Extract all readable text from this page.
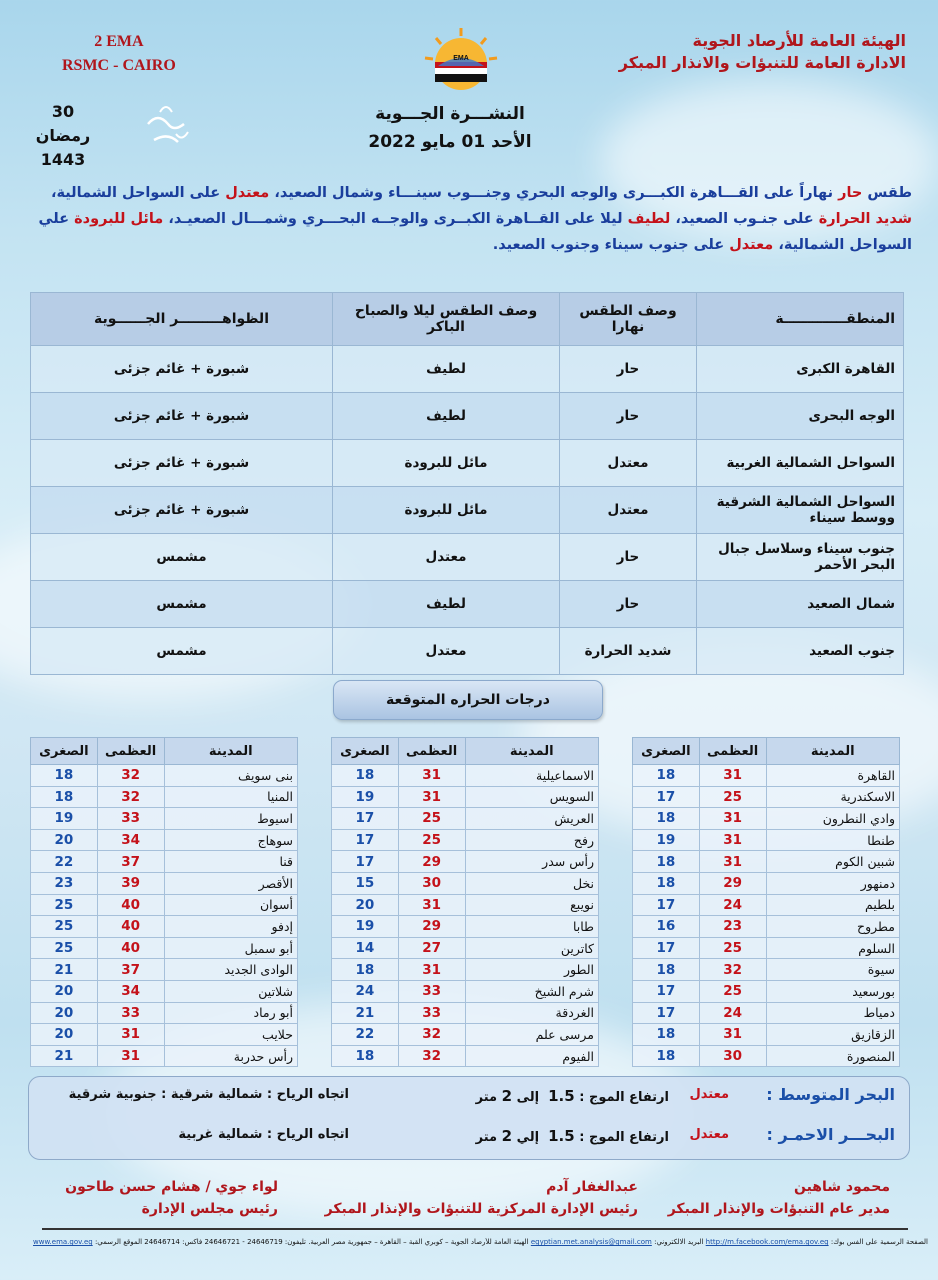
الهيئة العامة للأرصاد الجوية
الادارة العامة للتنبؤات والانذار المبكر
2 EMA
RSMC - CAIRO	EMA
30
رمضان
1443
النشـــرة الجـــوية
الأحد 01 مايو 2022
طقس حار نهاراً على القـــاهرة الكبـــرى والوجه البحري وجنـــوب سينـــاء وشمال الصعيد، معتدل على السواحل الشمالية، شديد الحرارة على جنـوب الصعيد، لطيف ليلا على القــاهرة الكبــرى والوجــه البحـــري وشمـــال الصعيـد، مائل للبرودة علي السواحل الشمالية، معتدل على جنوب سيناء وجنوب الصعيد.
المنطقـــــــــــــة	وصف الطقس نهارا	وصف الطقس ليلا والصباح الباكر	الظواهـــــــــر الجــــــوية
القاهرة الكبرى	حار	لطيف	شبورة + غائم جزئى
الوجه البحرى	حار	لطيف	شبورة + غائم جزئى
السواحل الشمالية الغربية	معتدل	مائل للبرودة	شبورة + غائم جزئى
السواحل الشمالية الشرقية ووسط سيناء	معتدل	مائل للبرودة	شبورة + غائم جزئى
جنوب سيناء وسلاسل جبال البحر الأحمر	حار	معتدل	مشمس
شمال الصعيد	حار	لطيف	مشمس
جنوب الصعيد	شديد الحرارة	معتدل	مشمس
درجات الحراره المتوقعة
المدينة	العظمى	الصغرى
القاهرة	31	18
الاسكندرية	25	17
وادي النطرون	31	18
طنطا	31	19
شبين الكوم	31	18
دمنهور	29	18
بلطيم	24	17
مطروح	23	16
السلوم	25	17
سيوة	32	18
بورسعيد	25	17
دمياط	24	17
الزقازيق	31	18
المنصورة	30	18
المدينة	العظمى	الصغرى
الاسماعيلية	31	18
السويس	31	19
العريش	25	17
رفح	25	17
رأس سدر	29	17
نخل	30	15
نويبع	31	20
طابا	29	19
كاترين	27	14
الطور	31	18
شرم الشيخ	33	24
الغردقة	33	21
مرسى علم	32	22
الفيوم	32	18
المدينة	العظمى	الصغرى
بنى سويف	32	18
المنيا	32	18
اسيوط	33	19
سوهاج	34	20
قنا	37	22
الأقصر	39	23
أسوان	40	25
إدفو	40	25
أبو سمبل	40	25
الوادى الجديد	37	21
شلاتين	34	20
أبو رماد	33	20
حلايب	31	20
رأس حدربة	31	21
البحر المتوسط :
معتدل
ارتفاع الموج : 1.5  إلى 2 متر
اتجاه الرياح : شمالية شرقية : جنوبية شرقية
البحـــر الاحمـر :
معتدل
ارتفاع الموج : 1.5  إلي 2 متر
اتجاه الرياح : شمالية غربية
محمود شاهين
مدير عام التنبؤات والإنذار المبكر
عبدالغفار آدم
رئيس الإدارة المركزية للتنبؤات والإنذار المبكر
لواء جوي / هشام حسن طاحون
رئيس مجلس الإدارة
الصفحة الرسمية على الفس بوك: http://m.facebook.com/ema.gov.eg البريد الالكتروني: egyptian.met.analysis@gmail.com الهيئة العامة للأرصاد الجوية – كوبري القبة – القاهرة – جمهورية مصر العربية. تليفون: 24646719 - 24646721 فاكس: 24646714 الموقع الرسمي: www.ema.gov.eg
